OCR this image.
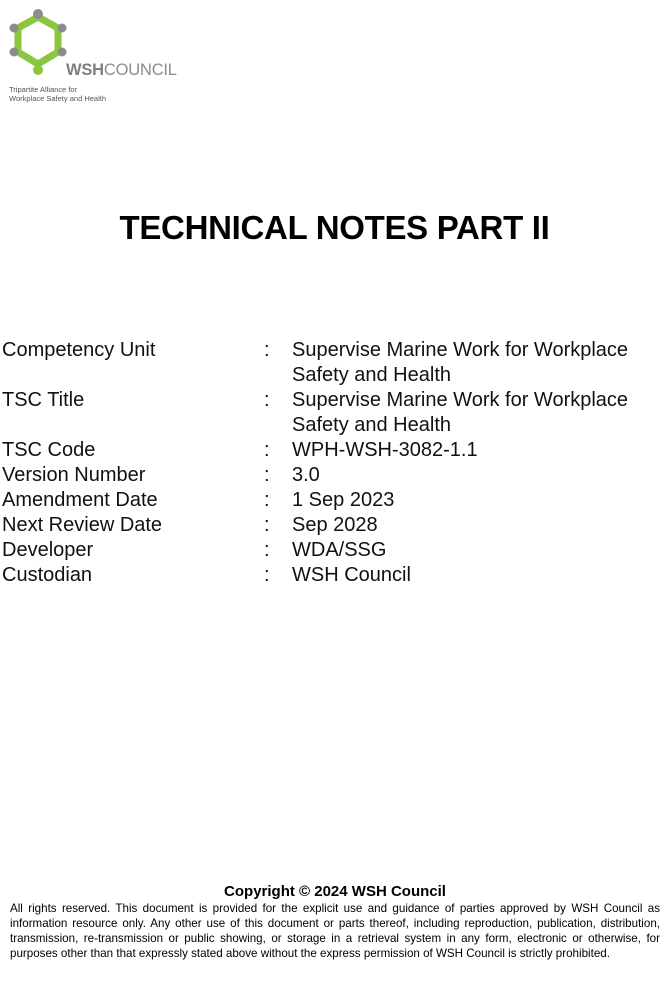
WSHCOUNCIL
Tripartite Alliance for
Workplace Safety and Health
TECHNICAL NOTES PART II
Competency Unit	:	Supervise Marine Work for Workplace Safety and Health
TSC Title	:	Supervise Marine Work for Workplace Safety and Health
TSC Code	:	WPH-WSH-3082-1.1
Version Number	:	3.0
Amendment Date	:	1 Sep 2023
Next Review Date	:	Sep 2028
Developer	:	WDA/SSG
Custodian	:	WSH Council
Copyright © 2024 WSH Council
All rights reserved. This document is provided for the explicit use and guidance of parties approved by WSH Council as information resource only. Any other use of this document or parts thereof, including reproduction, publication, distribution, transmission, re-transmission or public showing, or storage in a retrieval system in any form, electronic or otherwise, for purposes other than that expressly stated above without the express permission of WSH Council is strictly prohibited.
